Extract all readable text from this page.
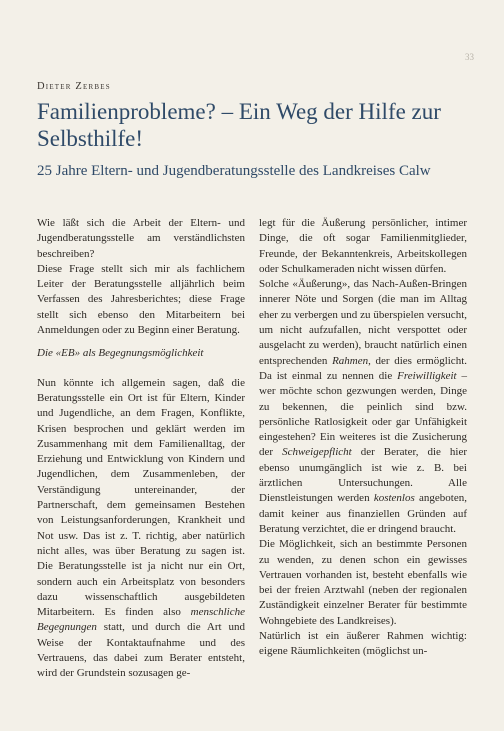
33
Dieter Zerbes
Familienprobleme? – Ein Weg der Hilfe zur Selbsthilfe!
25 Jahre Eltern- und Jugendberatungsstelle des Landkreises Calw

Wie läßt sich die Arbeit der Eltern- und Jugendberatungsstelle am verständlichsten beschreiben?

Diese Frage stellt sich mir als fachlichem Leiter der Beratungsstelle alljährlich beim Verfassen des Jahresberichtes; diese Frage stellt sich ebenso den Mitarbeitern bei Anmeldungen oder zu Beginn einer Beratung.

Die «EB» als Begegnungsmöglichkeit

Nun könnte ich allgemein sagen, daß die Beratungsstelle ein Ort ist für Eltern, Kinder und Jugendliche, an dem Fragen, Konflikte, Krisen besprochen und geklärt werden im Zusammenhang mit dem Familienalltag, der Erziehung und Entwicklung von Kindern und Jugendlichen, dem Zusammenleben, der Verständigung untereinander, der Partnerschaft, dem gemeinsamen Bestehen von Leistungsanforderungen, Krankheit und Not usw. Das ist z. T. richtig, aber natürlich nicht alles, was über Beratung zu sagen ist. Die Beratungsstelle ist ja nicht nur ein Ort, sondern auch ein Arbeitsplatz von besonders dazu wissenschaftlich ausgebildeten Mitarbeitern. Es finden also menschliche Begegnungen statt, und durch die Art und Weise der Kontaktaufnahme und des Vertrauens, das dabei zum Berater entsteht, wird der Grundstein sozusagen ge-

legt für die Äußerung persönlicher, intimer Dinge, die oft sogar Familienmitglieder, Freunde, der Bekanntenkreis, Arbeitskollegen oder Schulkameraden nicht wissen dürfen.

Solche «Äußerung», das Nach-Außen-Bringen innerer Nöte und Sorgen (die man im Alltag eher zu verbergen und zu überspielen versucht, um nicht aufzufallen, nicht verspottet oder ausgelacht zu werden), braucht natürlich einen entsprechenden Rahmen, der dies ermöglicht. Da ist einmal zu nennen die Freiwilligkeit – wer möchte schon gezwungen werden, Dinge zu bekennen, die peinlich sind bzw. persönliche Ratlosigkeit oder gar Unfähigkeit eingestehen? Ein weiteres ist die Zusicherung der Schweigepflicht der Berater, die hier ebenso unumgänglich ist wie z. B. bei ärztlichen Untersuchungen. Alle Dienstleistungen werden kostenlos angeboten, damit keiner aus finanziellen Gründen auf Beratung verzichtet, die er dringend braucht.

Die Möglichkeit, sich an bestimmte Personen zu wenden, zu denen schon ein gewisses Vertrauen vorhanden ist, besteht ebenfalls wie bei der freien Arztwahl (neben der regionalen Zuständigkeit einzelner Berater für bestimmte Wohngebiete des Landkreises).

Natürlich ist ein äußerer Rahmen wichtig: eigene Räumlichkeiten (möglichst un-
